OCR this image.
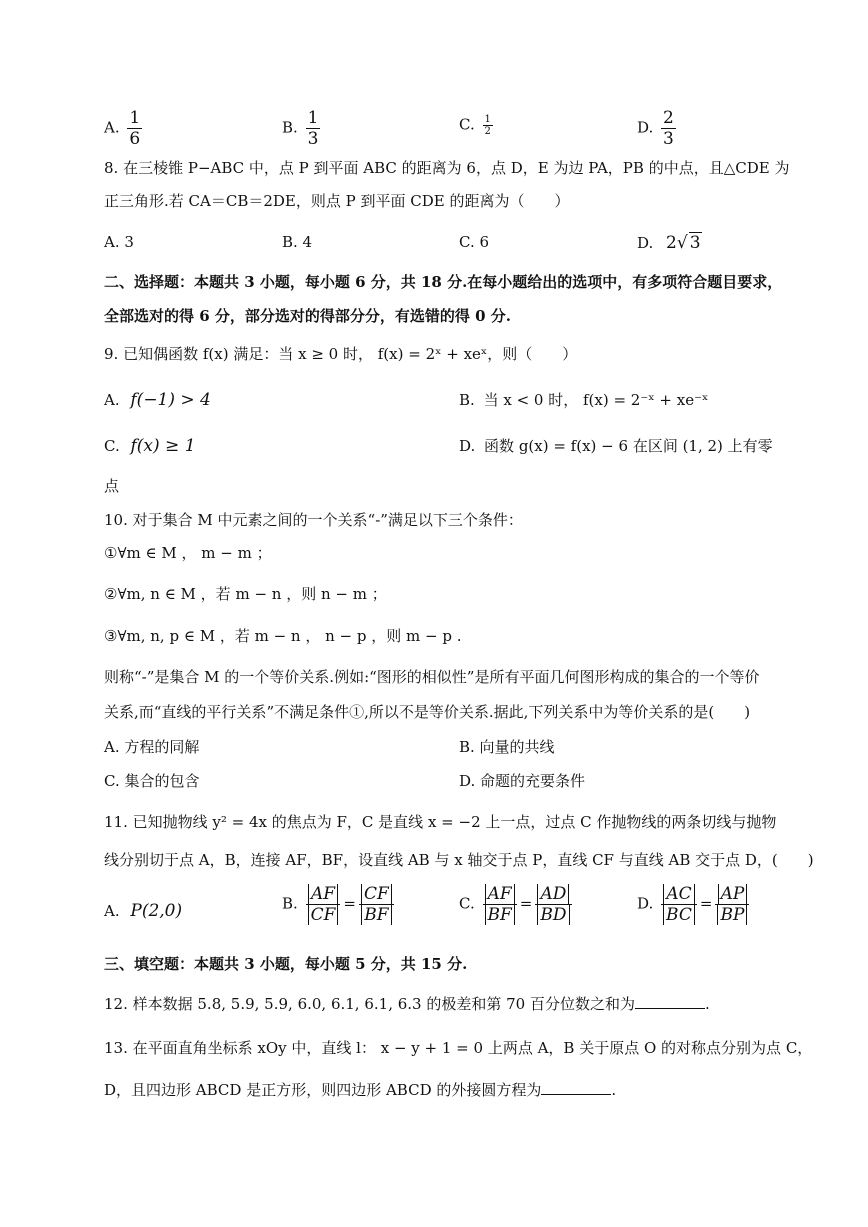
A. $\frac{1}{6}$	B. $\frac{1}{3}$	C. $\frac{1}{2}$	D. $\frac{2}{3}$
8. 在三棱锥 P−ABC 中，点 P 到平面 ABC 的距离为 6，点 D，E 为边 PA，PB 的中点，且△CDE 为
正三角形.若 CA＝CB＝2DE，则点 P 到平面 CDE 的距离为（　　）
A. 3	B. 4	C. 6	D. 2√ 3
二、选择题：本题共 3 小题，每小题 6 分，共 18 分.在每小题给出的选项中，有多项符合题目要求，
全部选对的得 6 分，部分选对的得部分分，有选错的得 0 分.
9. 已知偶函数 f(x) 满足：当 x ≥ 0 时， f(x) = 2ˣ + xeˣ，则（　　）
A. f(−1) > 4	B. 当 x < 0 时， f(x) = 2⁻ˣ + xe⁻ˣ
C. f(x) ≥ 1	D. 函数 g(x) = f(x) − 6 在区间 (1, 2) 上有零
点
10. 对于集合 M 中元素之间的一个关系“-”满足以下三个条件：
①∀m ∈ M ， m − m ；
②∀m, n ∈ M ，若 m − n ，则 n − m ；
③∀m, n, p ∈ M ，若 m − n ， n − p ，则 m − p .
则称“-”是集合 M 的一个等价关系.例如:“图形的相似性”是所有平面几何图形构成的集合的一个等价
关系,而“直线的平行关系”不满足条件①,所以不是等价关系.据此,下列关系中为等价关系的是(　　)
A. 方程的同解	B. 向量的共线
C. 集合的包含	D. 命题的充要条件
11. 已知抛物线 y² = 4x 的焦点为 F，C 是直线 x = −2 上一点，过点 C 作抛物线的两条切线与抛物
线分别切于点 A，B，连接 AF，BF，设直线 AB 与 x 轴交于点 P，直线 CF 与直线 AB 交于点 D，(　　)
A. P(2,0)	B. $\frac{AF}{CF} = \frac{CF}{BF}$	C. $\frac{AF}{BF} = \frac{AD}{BD}$	D. $\frac{AC}{BC} = \frac{AP}{BP}$
三、填空题：本题共 3 小题，每小题 5 分，共 15 分.
12. 样本数据 5.8, 5.9, 5.9, 6.0, 6.1, 6.1, 6.3 的极差和第 70 百分位数之和为	.
13. 在平面直角坐标系 xOy 中，直线 l： x − y + 1 = 0 上两点 A，B 关于原点 O 的对称点分别为点 C，
D，且四边形 ABCD 是正方形，则四边形 ABCD 的外接圆方程为	.
